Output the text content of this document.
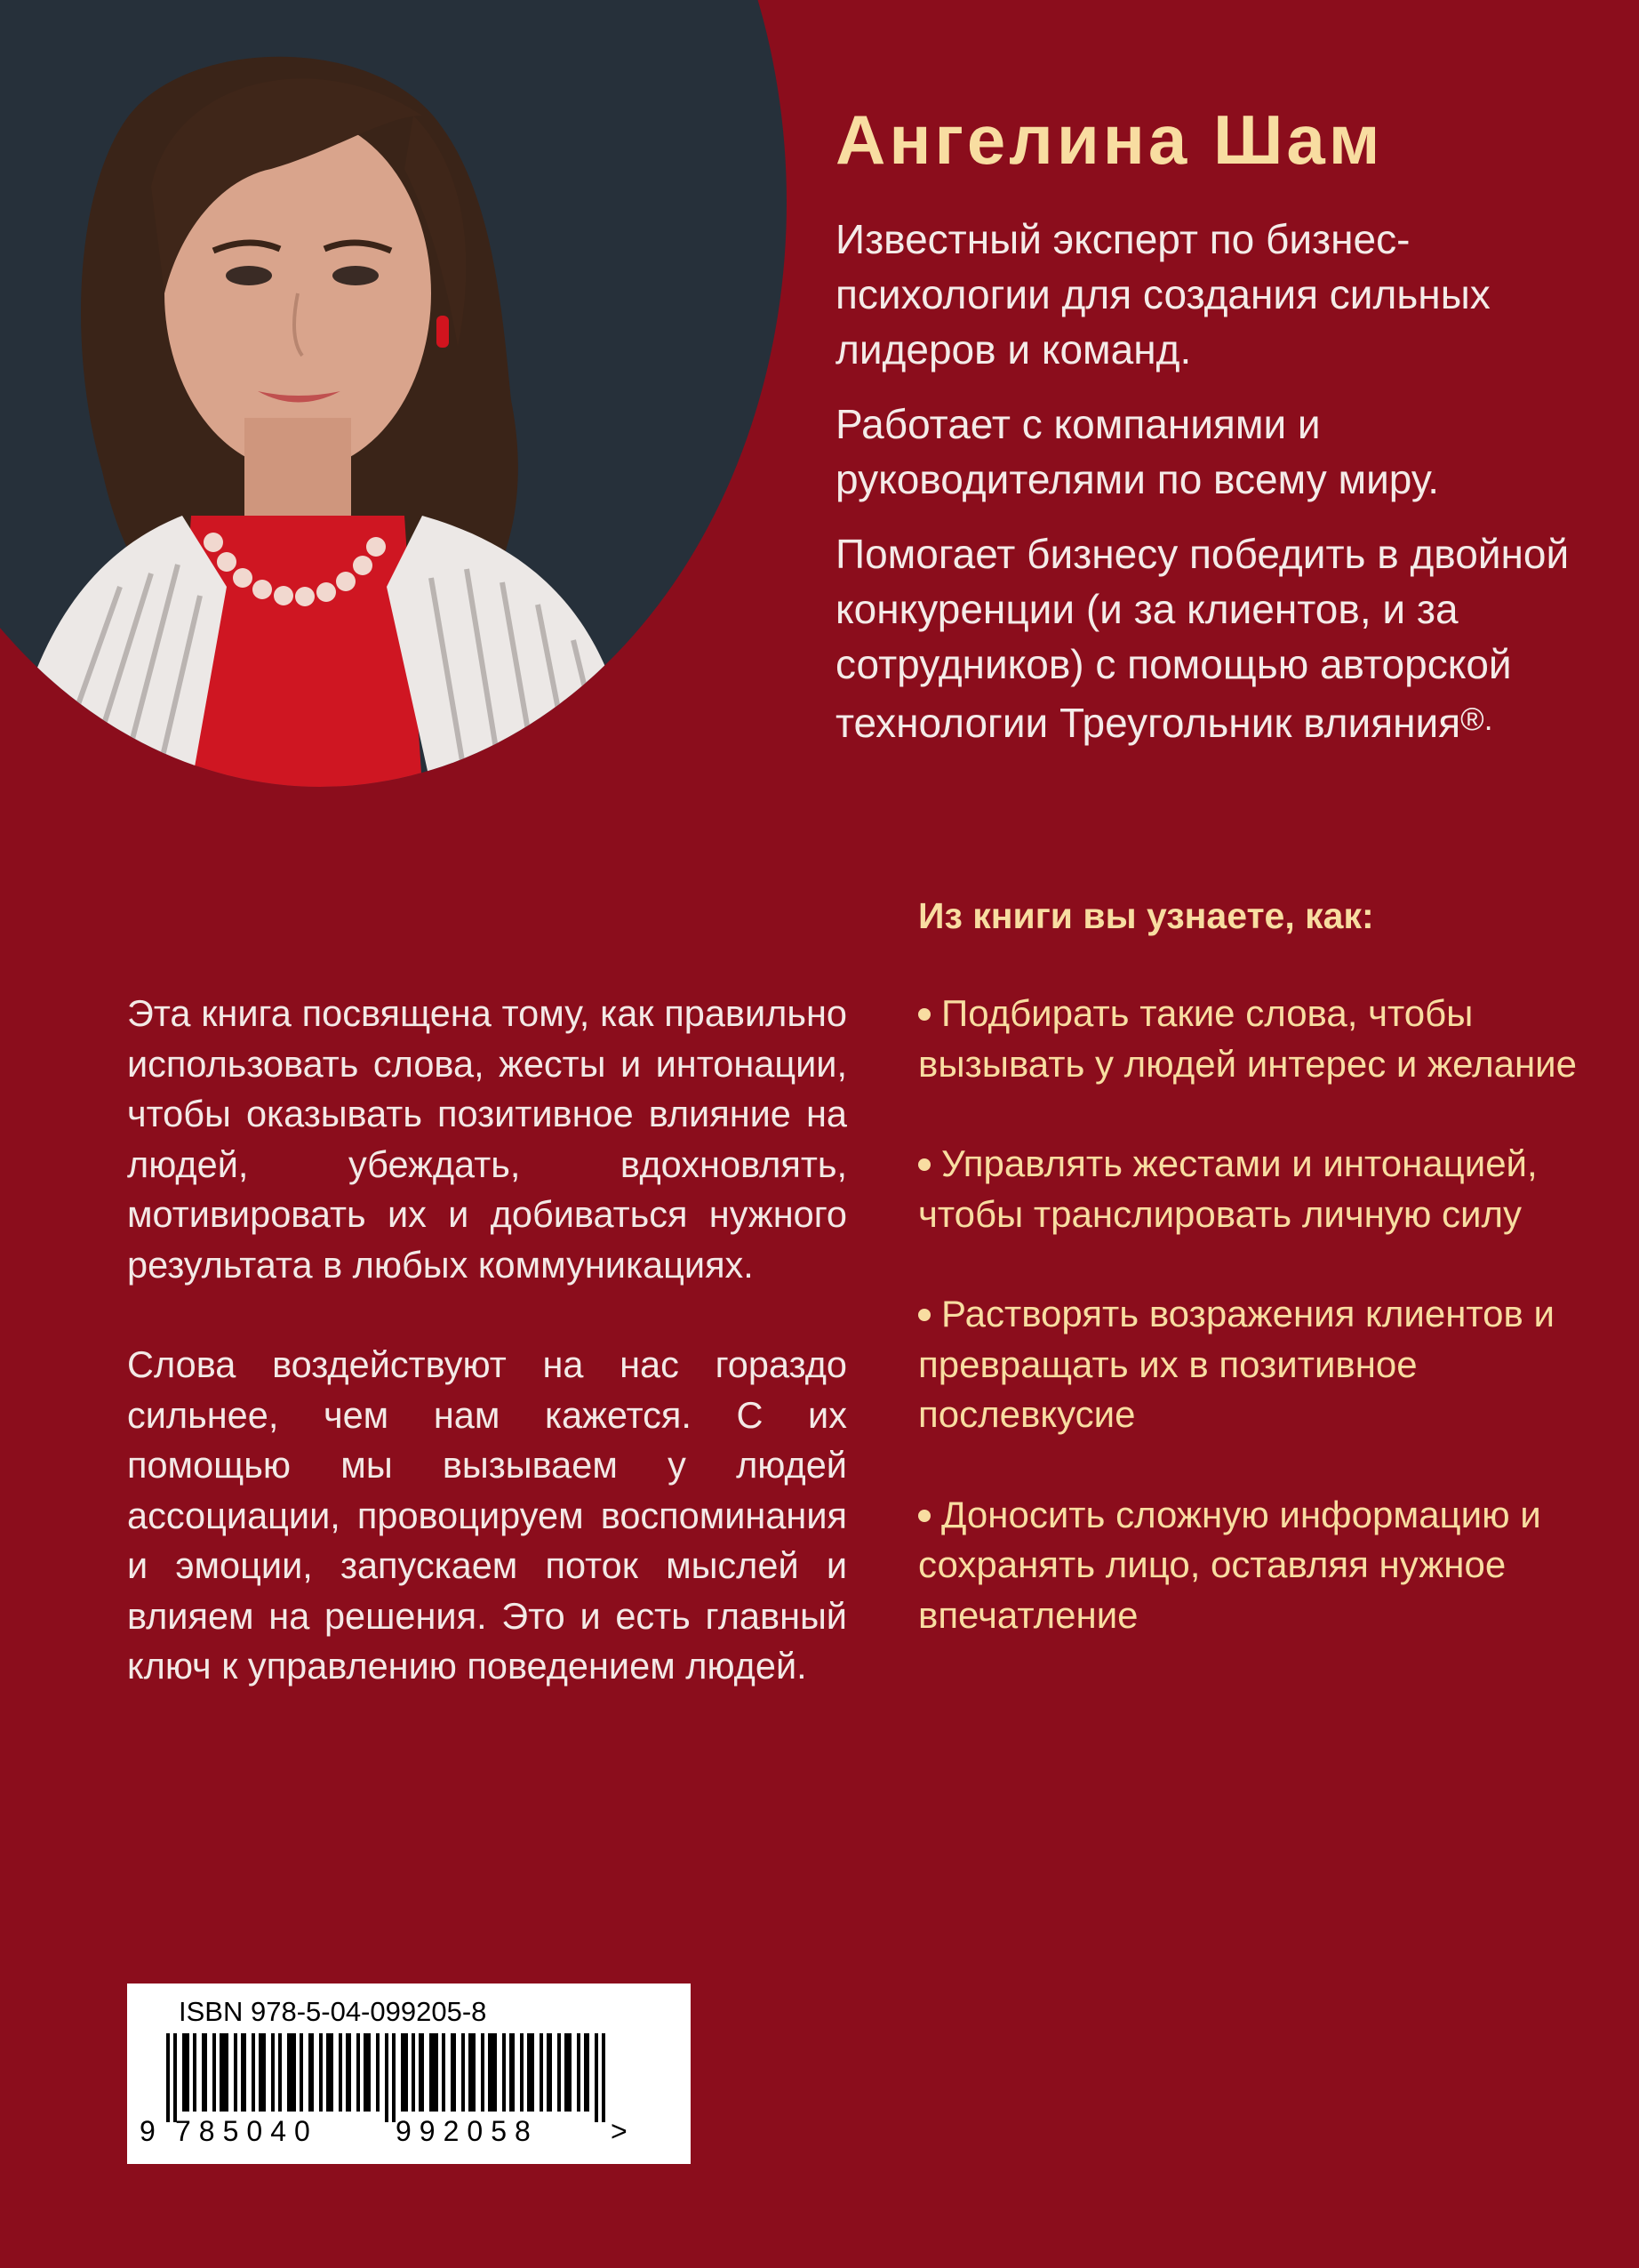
Ангелина Шам

Известный эксперт по бизнес-психологии для создания сильных лидеров и команд.

Работает с компаниями и руководителями по всему миру.

Помогает бизнесу победить в двойной конкуренции (и за клиентов, и за сотрудников) с помощью авторской технологии Треугольник влияния®.

Эта книга посвящена тому, как правильно использовать слова, жесты и интонации, чтобы оказывать позитивное влияние на людей, убеждать, вдохновлять, мотивировать их и добиваться нужного результата в любых коммуникациях.

Слова воздействуют на нас гораздо сильнее, чем нам кажется. С их помощью мы вызываем у людей ассоциации, провоцируем воспоминания и эмоции, запускаем поток мыслей и влияем на решения. Это и есть главный ключ к управлению поведением людей.

Из книги вы узнаете, как:
Подбирать такие слова, чтобы вызывать у людей интерес и желание
Управлять жестами и интонацией, чтобы транслировать личную силу
Растворять возражения клиентов и превращать их в позитивное послевкусие
Доносить сложную информацию и сохранять лицо, оставляя нужное впечатление
ISBN 978-5-04-099205-8
9 785040	992058	>
